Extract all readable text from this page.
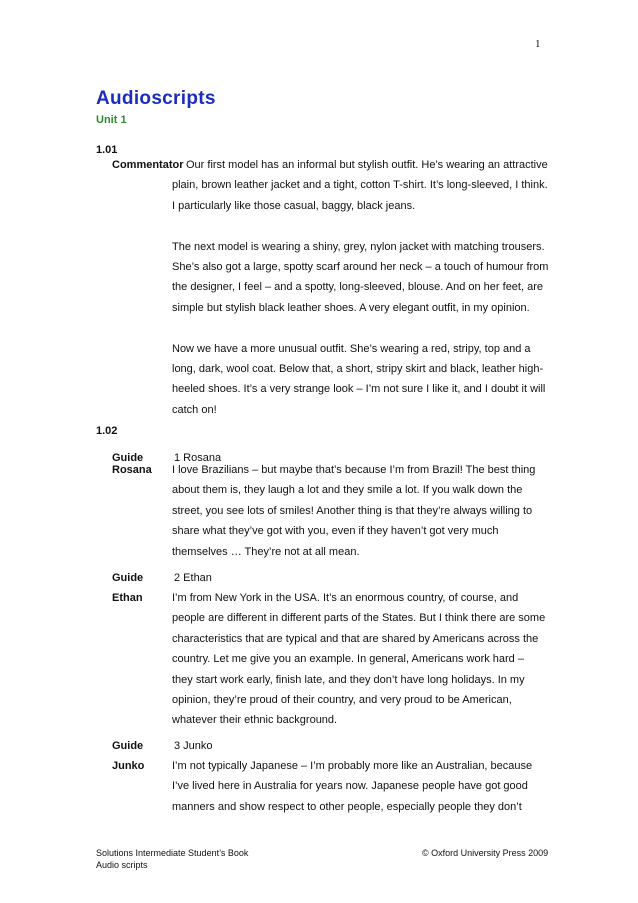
1
Audioscripts
Unit 1
1.01
Commentator Our first model has an informal but stylish outfit. He’s wearing an attractive plain, brown leather jacket and a tight, cotton T-shirt. It’s long-sleeved, I think. I particularly like those casual, baggy, black jeans.

The next model is wearing a shiny, grey, nylon jacket with matching trousers. She’s also got a large, spotty scarf around her neck – a touch of humour from the designer, I feel – and a spotty, long-sleeved, blouse. And on her feet, are simple but stylish black leather shoes. A very elegant outfit, in my opinion.

Now we have a more unusual outfit. She’s wearing a red, stripy, top and a long, dark, wool coat. Below that, a short, stripy skirt and black, leather high-heeled shoes. It’s a very strange look – I’m not sure I like it, and I doubt it will catch on!

1.02
Guide	1 Rosana
Rosana I love Brazilians – but maybe that’s because I’m from Brazil! The best thing about them is, they laugh a lot and they smile a lot. If you walk down the street, you see lots of smiles! Another thing is that they’re always willing to share what they’ve got with you, even if they haven’t got very much themselves … They’re not at all mean.

Guide	2 Ethan
Ethan	I’m from New York in the USA. It’s an enormous country, of course, and people are different in different parts of the States. But I think there are some characteristics that are typical and that are shared by Americans across the country. Let me give you an example. In general, Americans work hard – they start work early, finish late, and they don’t have long holidays. In my opinion, they’re proud of their country, and very proud to be American, whatever their ethnic background.

Guide	3 Junko
Junko	I’m not typically Japanese – I’m probably more like an Australian, because I’ve lived here in Australia for years now. Japanese people have got good manners and show respect to other people, especially people they don’t

Solutions Intermediate Student’s Book
Audio scripts
© Oxford University Press 2009
